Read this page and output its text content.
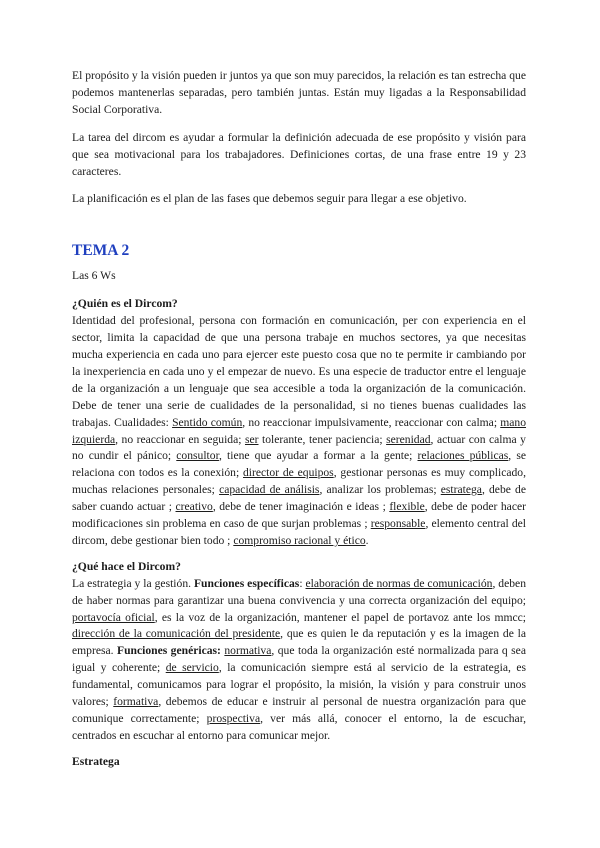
El propósito y la visión pueden ir juntos ya que son muy parecidos, la relación es tan estrecha que podemos mantenerlas separadas, pero también juntas. Están muy ligadas a la Responsabilidad Social Corporativa.

La tarea del dircom es ayudar a formular la definición adecuada de ese propósito y visión para que sea motivacional para los trabajadores. Definiciones cortas, de una frase entre 19 y 23 caracteres.

La planificación es el plan de las fases que debemos seguir para llegar a ese objetivo.

TEMA 2

Las 6 Ws

¿Quién es el Dircom?

Identidad del profesional, persona con formación en comunicación, per con experiencia en el sector, limita la capacidad de que una persona trabaje en muchos sectores, ya que necesitas mucha experiencia en cada uno para ejercer este puesto cosa que no te permite ir cambiando por la inexperiencia en cada uno y el empezar de nuevo. Es una especie de traductor entre el lenguaje de la organización a un lenguaje que sea accesible a toda la organización de la comunicación. Debe de tener una serie de cualidades de la personalidad, si no tienes buenas cualidades las trabajas. Cualidades: Sentido común, no reaccionar impulsivamente, reaccionar con calma; mano izquierda, no reaccionar en seguida; ser tolerante, tener paciencia; serenidad, actuar con calma y no cundir el pánico; consultor, tiene que ayudar a formar a la gente; relaciones públicas, se relaciona con todos es la conexión; director de equipos, gestionar personas es muy complicado, muchas relaciones personales; capacidad de análisis, analizar los problemas; estratega, debe de saber cuando actuar ; creativo, debe de tener imaginación e ideas ; flexible, debe de poder hacer modificaciones sin problema en caso de que surjan problemas ; responsable, elemento central del dircom, debe gestionar bien todo ; compromiso racional y ético.

¿Qué hace el Dircom?

La estrategia y la gestión. Funciones específicas: elaboración de normas de comunicación, deben de haber normas para garantizar una buena convivencia y una correcta organización del equipo; portavocía oficial, es la voz de la organización, mantener el papel de portavoz ante los mmcc; dirección de la comunicación del presidente, que es quien le da reputación y es la imagen de la empresa. Funciones genéricas: normativa, que toda la organización esté normalizada para q sea igual y coherente; de servicio, la comunicación siempre está al servicio de la estrategia, es fundamental, comunicamos para lograr el propósito, la misión, la visión y para construir unos valores; formativa, debemos de educar e instruir al personal de nuestra organización para que comunique correctamente; prospectiva, ver más allá, conocer el entorno, la de escuchar, centrados en escuchar al entorno para comunicar mejor.

Estratega
